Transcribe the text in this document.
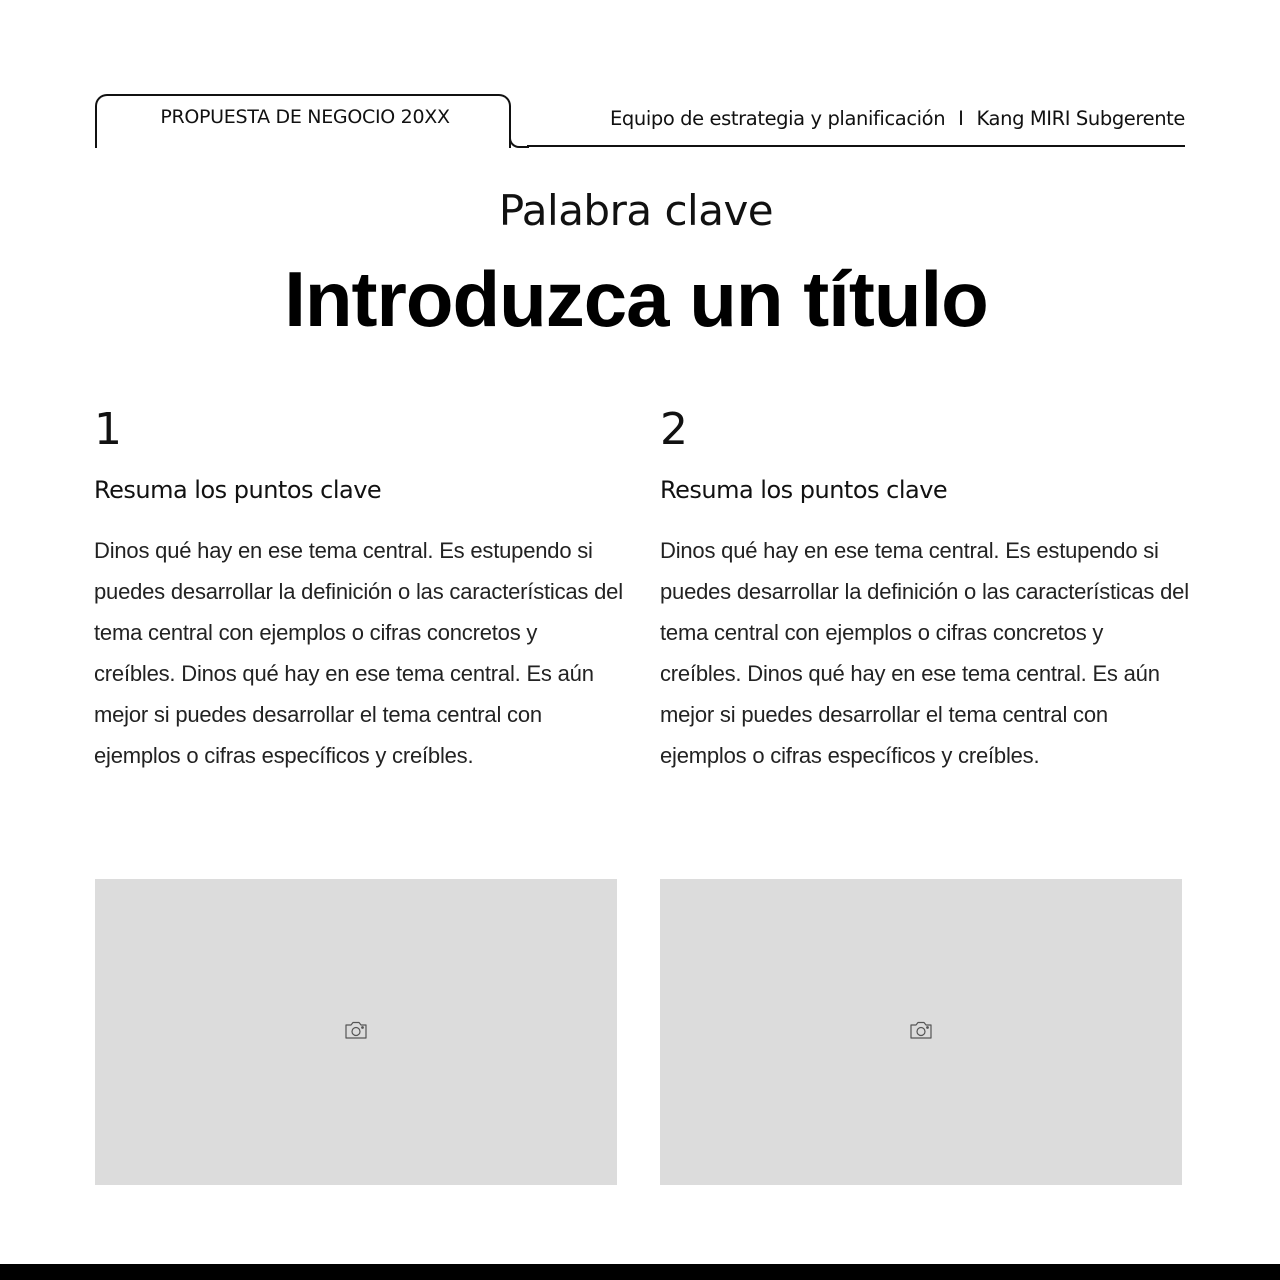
PROPUESTA DE NEGOCIO 20XX	Equipo de estrategia y planificación I Kang MIRI Subgerente
Palabra clave
Introduzca un título
1
Resuma los puntos clave
Dinos qué hay en ese tema central. Es estupendo si puedes desarrollar la definición o las características del tema central con ejemplos o cifras concretos y creíbles. Dinos qué hay en ese tema central. Es aún mejor si puedes desarrollar el tema central con ejemplos o cifras específicos y creíbles.
2
Resuma los puntos clave
Dinos qué hay en ese tema central. Es estupendo si puedes desarrollar la definición o las características del tema central con ejemplos o cifras concretos y creíbles. Dinos qué hay en ese tema central. Es aún mejor si puedes desarrollar el tema central con ejemplos o cifras específicos y creíbles.
